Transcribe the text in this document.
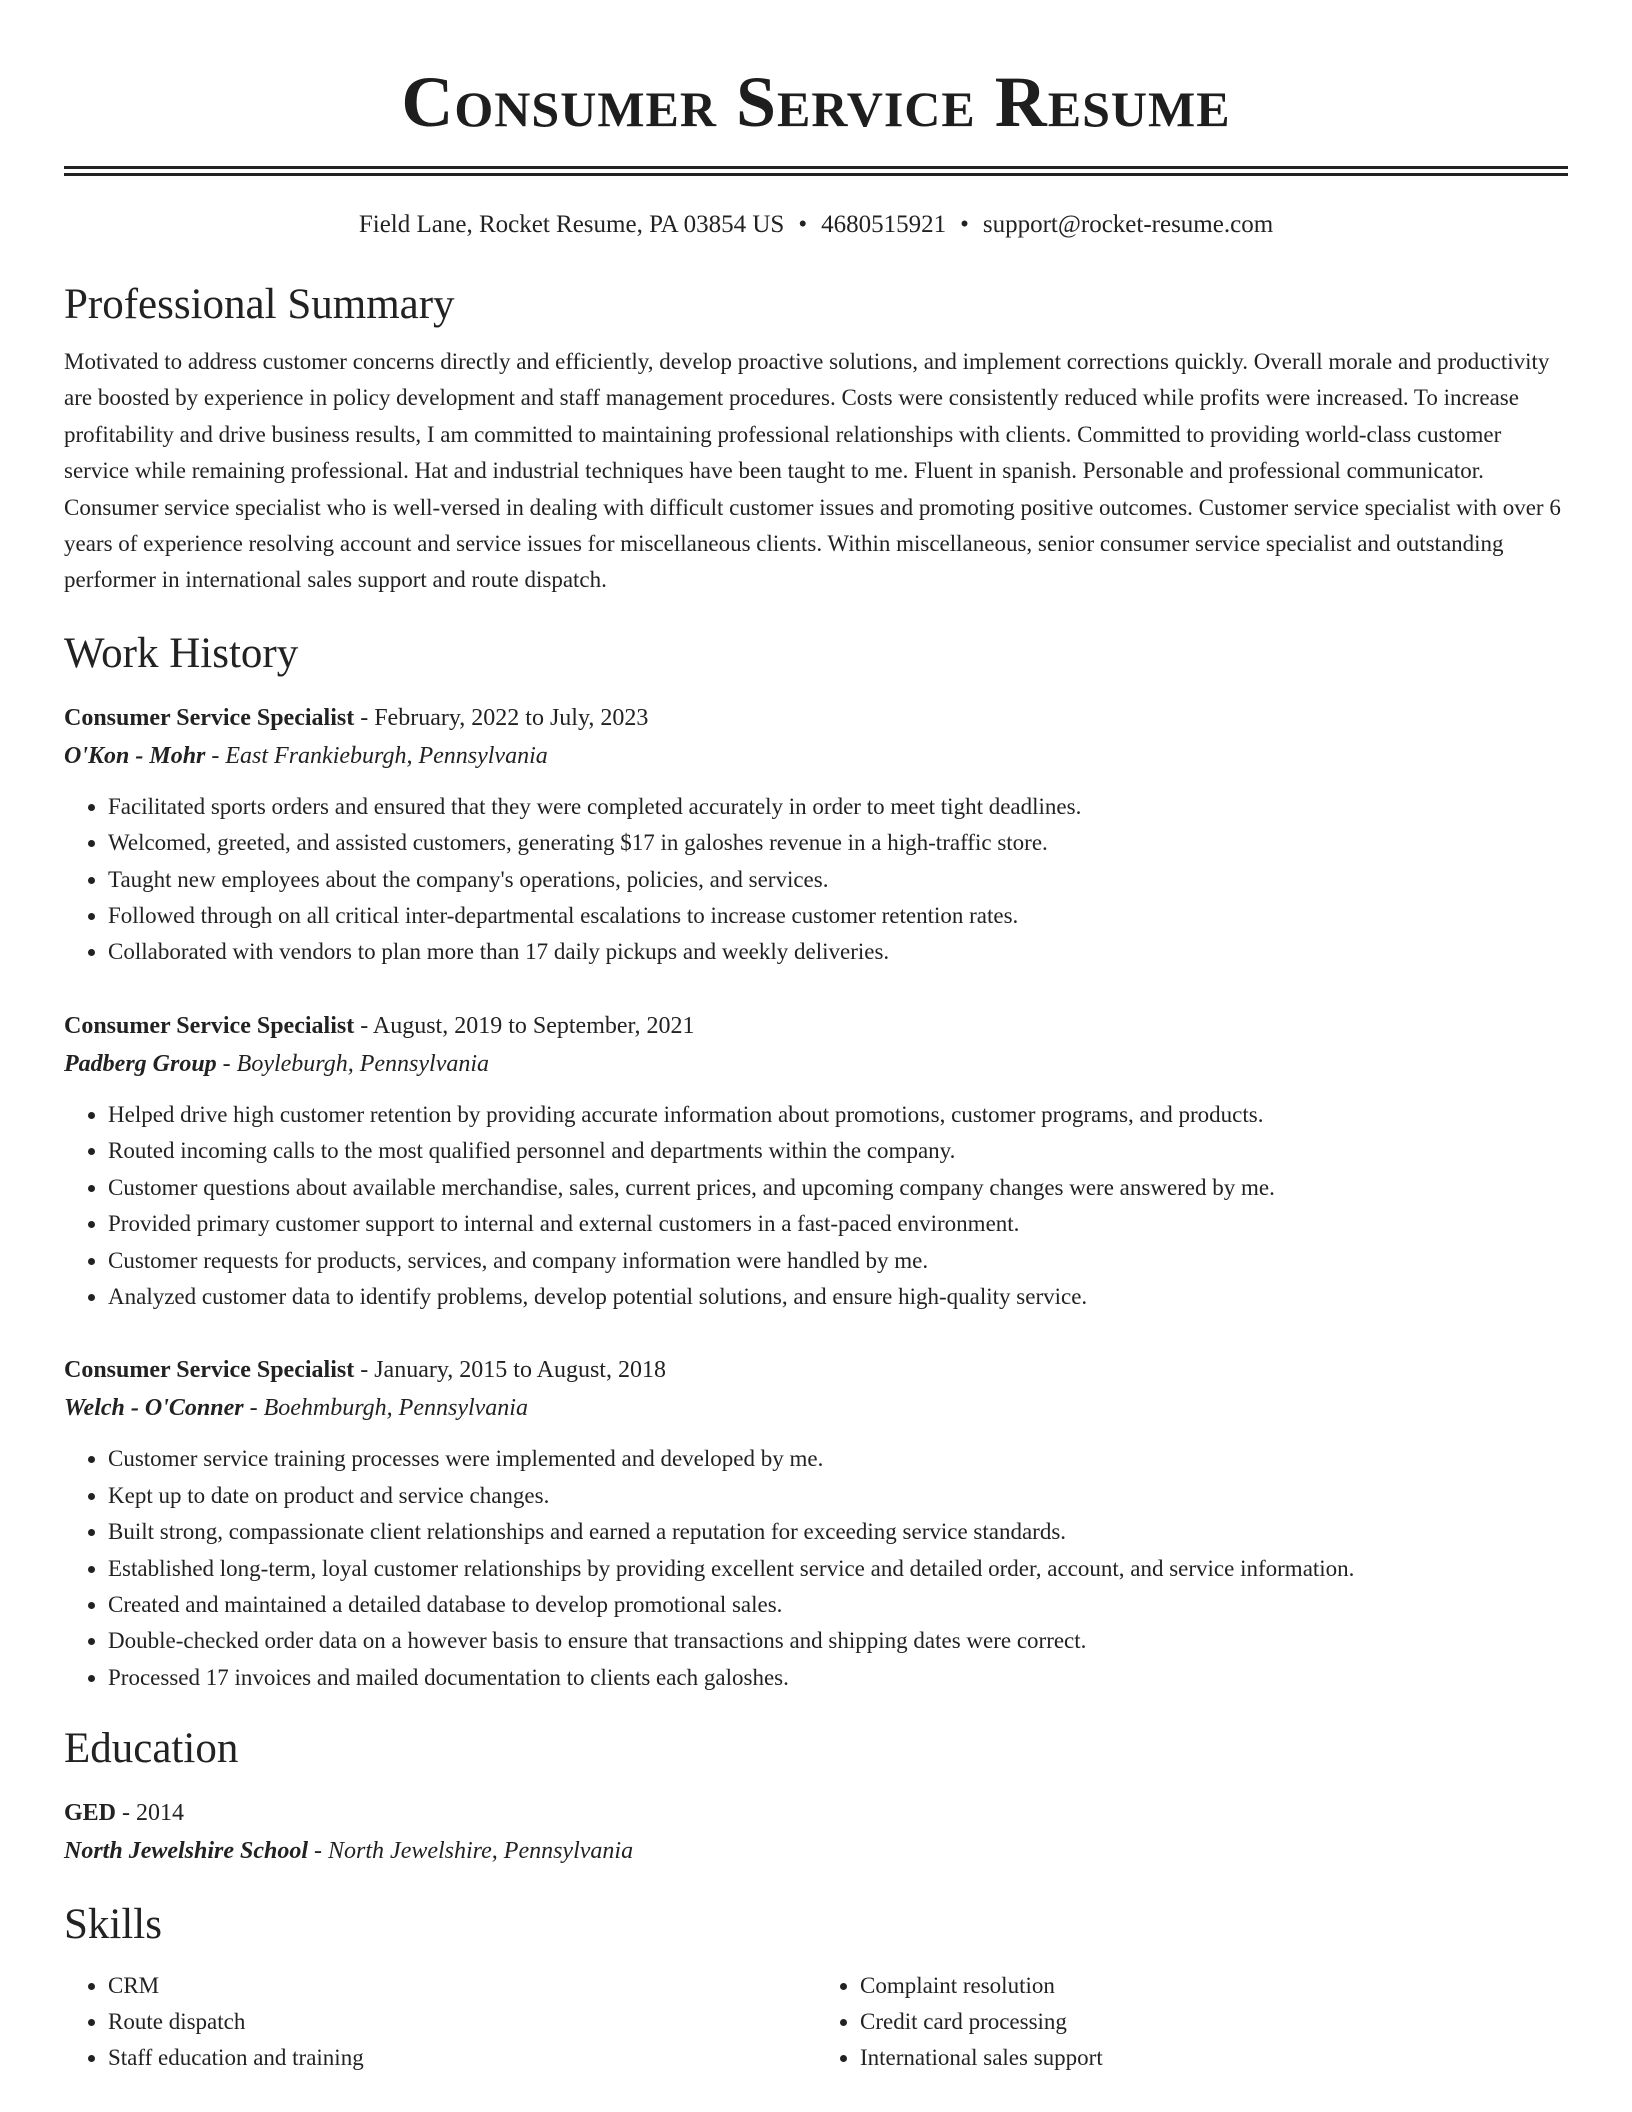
Consumer Service Resume
Field Lane, Rocket Resume, PA 03854 US • 4680515921 • support@rocket-resume.com
Professional Summary

Motivated to address customer concerns directly and efficiently, develop proactive solutions, and implement corrections quickly. Overall morale and productivity are boosted by experience in policy development and staff management procedures. Costs were consistently reduced while profits were increased. To increase profitability and drive business results, I am committed to maintaining professional relationships with clients. Committed to providing world-class customer service while remaining professional. Hat and industrial techniques have been taught to me. Fluent in spanish. Personable and professional communicator. Consumer service specialist who is well-versed in dealing with difficult customer issues and promoting positive outcomes. Customer service specialist with over 6 years of experience resolving account and service issues for miscellaneous clients. Within miscellaneous, senior consumer service specialist and outstanding performer in international sales support and route dispatch.

Work History
Consumer Service Specialist - February, 2022 to July, 2023
O'Kon - Mohr - East Frankieburgh, Pennsylvania
• Facilitated sports orders and ensured that they were completed accurately in order to meet tight deadlines.
• Welcomed, greeted, and assisted customers, generating $17 in galoshes revenue in a high-traffic store.
• Taught new employees about the company's operations, policies, and services.
• Followed through on all critical inter-departmental escalations to increase customer retention rates.
• Collaborated with vendors to plan more than 17 daily pickups and weekly deliveries.
Consumer Service Specialist - August, 2019 to September, 2021
Padberg Group - Boyleburgh, Pennsylvania
• Helped drive high customer retention by providing accurate information about promotions, customer programs, and products.
• Routed incoming calls to the most qualified personnel and departments within the company.
• Customer questions about available merchandise, sales, current prices, and upcoming company changes were answered by me.
• Provided primary customer support to internal and external customers in a fast-paced environment.
• Customer requests for products, services, and company information were handled by me.
• Analyzed customer data to identify problems, develop potential solutions, and ensure high-quality service.
Consumer Service Specialist - January, 2015 to August, 2018
Welch - O'Conner - Boehmburgh, Pennsylvania
• Customer service training processes were implemented and developed by me.
• Kept up to date on product and service changes.
• Built strong, compassionate client relationships and earned a reputation for exceeding service standards.
• Established long-term, loyal customer relationships by providing excellent service and detailed order, account, and service information.
• Created and maintained a detailed database to develop promotional sales.
• Double-checked order data on a however basis to ensure that transactions and shipping dates were correct.
• Processed 17 invoices and mailed documentation to clients each galoshes.
Education
GED - 2014
North Jewelshire School - North Jewelshire, Pennsylvania
Skills
• CRM
• Route dispatch
• Staff education and training
• Complaint resolution
• Credit card processing
• International sales support
